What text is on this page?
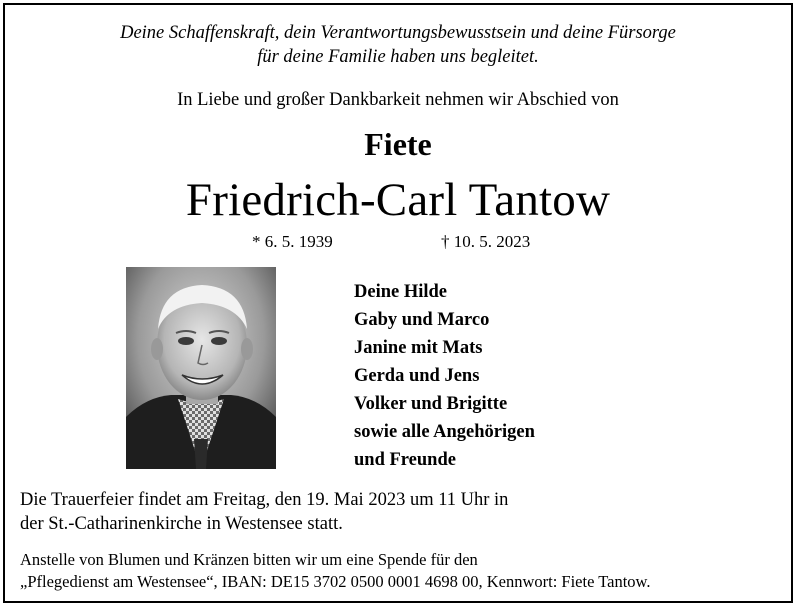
Deine Schaffenskraft, dein Verantwortungsbewusstsein und deine Fürsorge
für deine Familie haben uns begleitet.
In Liebe und großer Dankbarkeit nehmen wir Abschied von
Fiete
Friedrich-Carl Tantow
* 6. 5. 1939	† 10. 5. 2023
Deine Hilde
Gaby und Marco
Janine mit Mats
Gerda und Jens
Volker und Brigitte
sowie alle Angehörigen
und Freunde
Die Trauerfeier findet am Freitag, den 19. Mai 2023 um 11 Uhr in
der St.-Catharinenkirche in Westensee statt.
Anstelle von Blumen und Kränzen bitten wir um eine Spende für den
„Pflegedienst am Westensee“, IBAN: DE15 3702 0500 0001 4698 00, Kennwort: Fiete Tantow.
